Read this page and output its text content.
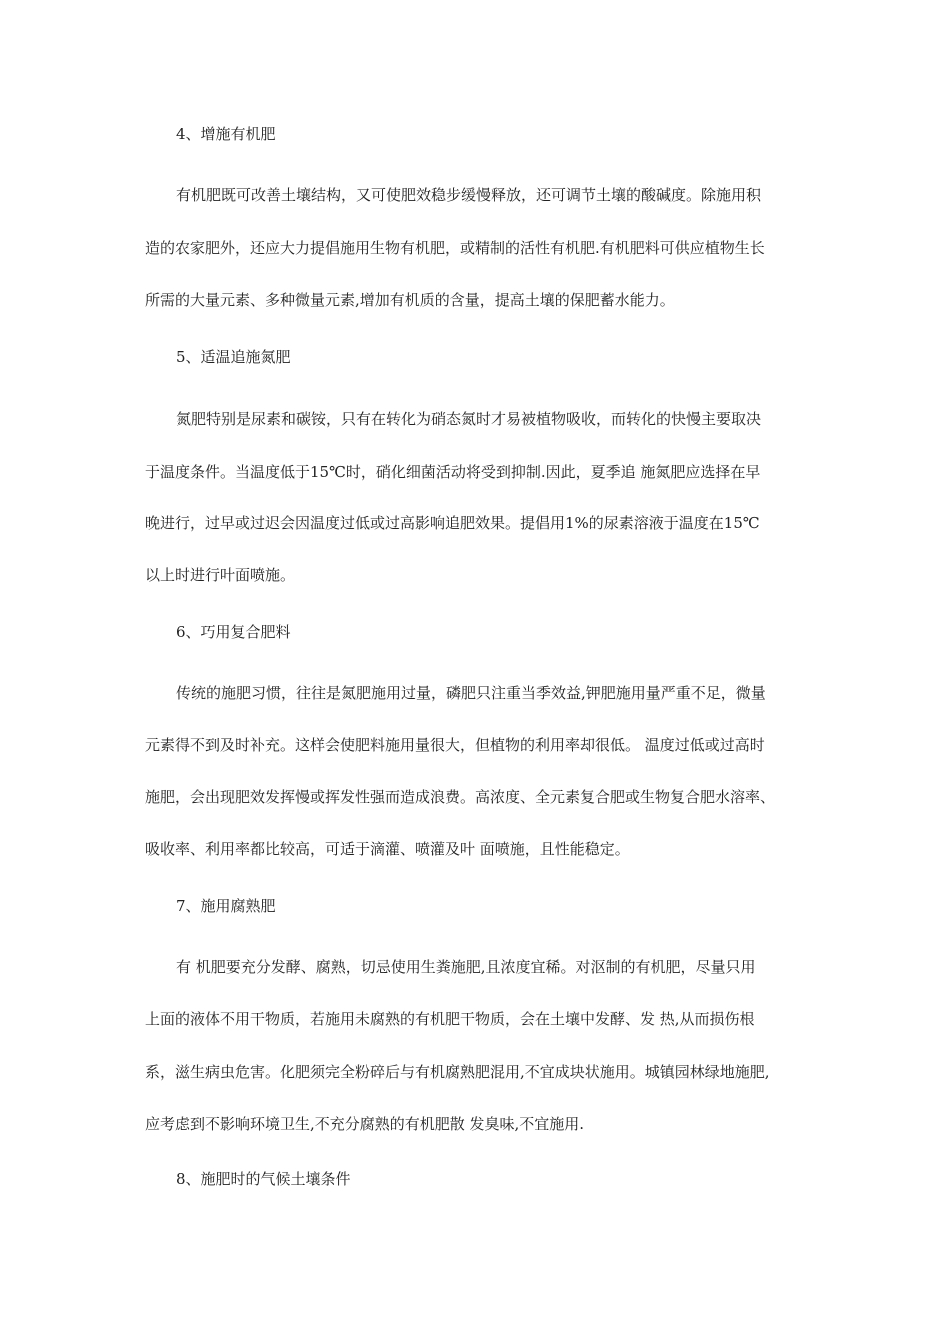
4、增施有机肥
有机肥既可改善土壤结构，又可使肥效稳步缓慢释放，还可调节土壤的酸碱度。除施用积
造的农家肥外，还应大力提倡施用生物有机肥，或精制的活性有机肥.有机肥料可供应植物生长
所需的大量元素、多种微量元素,增加有机质的含量，提高土壤的保肥蓄水能力。
5、适温追施氮肥
氮肥特别是尿素和碳铵，只有在转化为硝态氮时才易被植物吸收，而转化的快慢主要取决
于温度条件。当温度低于15℃时，硝化细菌活动将受到抑制.因此，夏季追 施氮肥应选择在早
晚进行，过早或过迟会因温度过低或过高影响追肥效果。提倡用1%的尿素溶液于温度在15℃
以上时进行叶面喷施。
6、巧用复合肥料
传统的施肥习惯，往往是氮肥施用过量，磷肥只注重当季效益,钾肥施用量严重不足，微量
元素得不到及时补充。这样会使肥料施用量很大，但植物的利用率却很低。 温度过低或过高时
施肥，会出现肥效发挥慢或挥发性强而造成浪费。高浓度、全元素复合肥或生物复合肥水溶率、
吸收率、利用率都比较高，可适于滴灌、喷灌及叶 面喷施，且性能稳定。
7、施用腐熟肥
有 机肥要充分发酵、腐熟，切忌使用生粪施肥,且浓度宜稀。对沤制的有机肥，尽量只用
上面的液体不用干物质，若施用未腐熟的有机肥干物质，会在土壤中发酵、发 热,从而损伤根
系，滋生病虫危害。化肥须完全粉碎后与有机腐熟肥混用,不宜成块状施用。城镇园林绿地施肥,
应考虑到不影响环境卫生,不充分腐熟的有机肥散 发臭味,不宜施用.
8、施肥时的气候土壤条件
